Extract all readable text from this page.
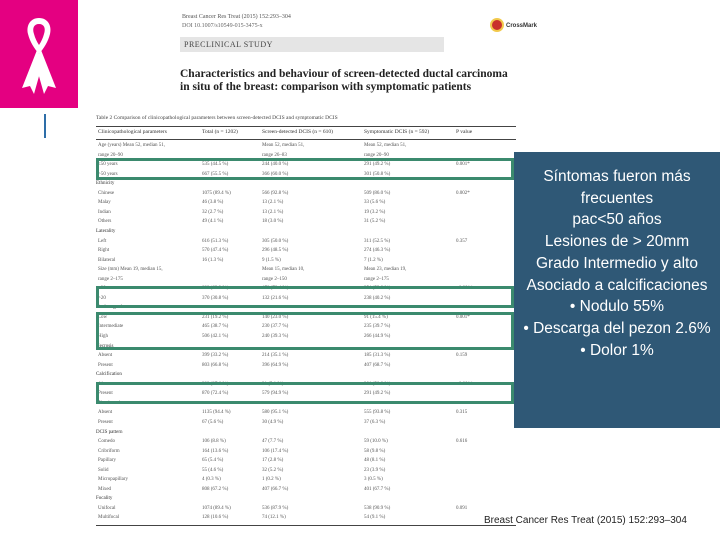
Breast Cancer Res Treat (2015) 152:293–304
DOI 10.1007/s10549-015-3475-x	CrossMark
PRECLINICAL STUDY
Characteristics and behaviour of screen-detected ductal carcinoma in situ of the breast: comparison with symptomatic patients
Table 2 Comparison of clinicopathological parameters between screen-detected DCIS and symptomatic DCIS
Clinicopathological parameters	Total (n = 1202)	Screen-detected DCIS (n = 610)	Symptomatic DCIS (n = 592)	P value
Age (years) Mean 52, median 51,	Mean 52, median 51,	Mean 52, median 51,
range 20–90	range 26–83	range 20–90
≤50 years	535 (44.5 %)	244 (40.0 %)	291 (49.2 %)	0.001*
>50 years	667 (55.5 %)	366 (60.0 %)	301 (50.8 %)
Ethnicity
Chinese	1075 (89.4 %)	566 (92.8 %)	509 (86.0 %)	0.002*
Malay	46 (3.8 %)	13 (2.1 %)	33 (5.6 %)
Indian	32 (2.7 %)	13 (2.1 %)	19 (3.2 %)
Others	49 (4.1 %)	18 (3.0 %)	31 (5.2 %)
Laterality
Left	616 (51.3 %)	305 (50.0 %)	311 (52.5 %)	0.357
Right	570 (47.4 %)	296 (48.5 %)	274 (46.3 %)
Bilateral	16 (1.3 %)	9 (1.5 %)	7 (1.2 %)
Size (mm) Mean 19, median 15,	Mean 15, median 10,	Mean 23, median 19,
range 2–175	range 2–150	range 2–175
≤20	832 (69.2 %)	478 (78.4 %)	354 (59.8 %)	<0.001*
>20	370 (30.8 %)	132 (21.6 %)	238 (40.2 %)
Nuclear grade
Low	231 (19.2 %)	140 (23.0 %)	91 (15.4 %)	0.001*
Intermediate	465 (38.7 %)	230 (37.7 %)	235 (39.7 %)
High	506 (42.1 %)	240 (39.3 %)	266 (44.9 %)
Necrosis
Absent	399 (33.2 %)	214 (35.1 %)	185 (31.3 %)	0.159
Present	803 (66.8 %)	396 (64.9 %)	407 (68.7 %)
Calcification
Absent	332 (27.6 %)	31 (5.1 %)	301 (50.8 %)	<0.001*
Present	870 (72.4 %)	579 (94.9 %)	291 (49.2 %)
Microinvasion
Absent	1135 (94.4 %)	580 (95.1 %)	555 (93.8 %)	0.315
Present	67 (5.6 %)	30 (4.9 %)	37 (6.3 %)
DCIS pattern
Comedo	106 (8.8 %)	47 (7.7 %)	59 (10.0 %)	0.616
Cribriform	164 (13.6 %)	106 (17.4 %)	58 (9.8 %)
Papillary	65 (5.4 %)	17 (2.8 %)	48 (8.1 %)
Solid	55 (4.6 %)	32 (5.2 %)	23 (3.9 %)
Micropapillary	4 (0.3 %)	1 (0.2 %)	3 (0.5 %)
Mixed	808 (67.2 %)	407 (66.7 %)	401 (67.7 %)
Focality
Unifocal	1074 (89.4 %)	536 (87.9 %)	538 (90.9 %)	0.091
Multifocal	128 (10.6 %)	74 (12.1 %)	54 (9.1 %)
Síntomas fueron más frecuentes
pac<50 años
Lesiones de > 20mm
Grado Intermedio y alto
Asociado a calcificaciones
• Nodulo 55%
• Descarga del pezon 2.6%
• Dolor 1%
Breast Cancer Res Treat (2015) 152:293–304
